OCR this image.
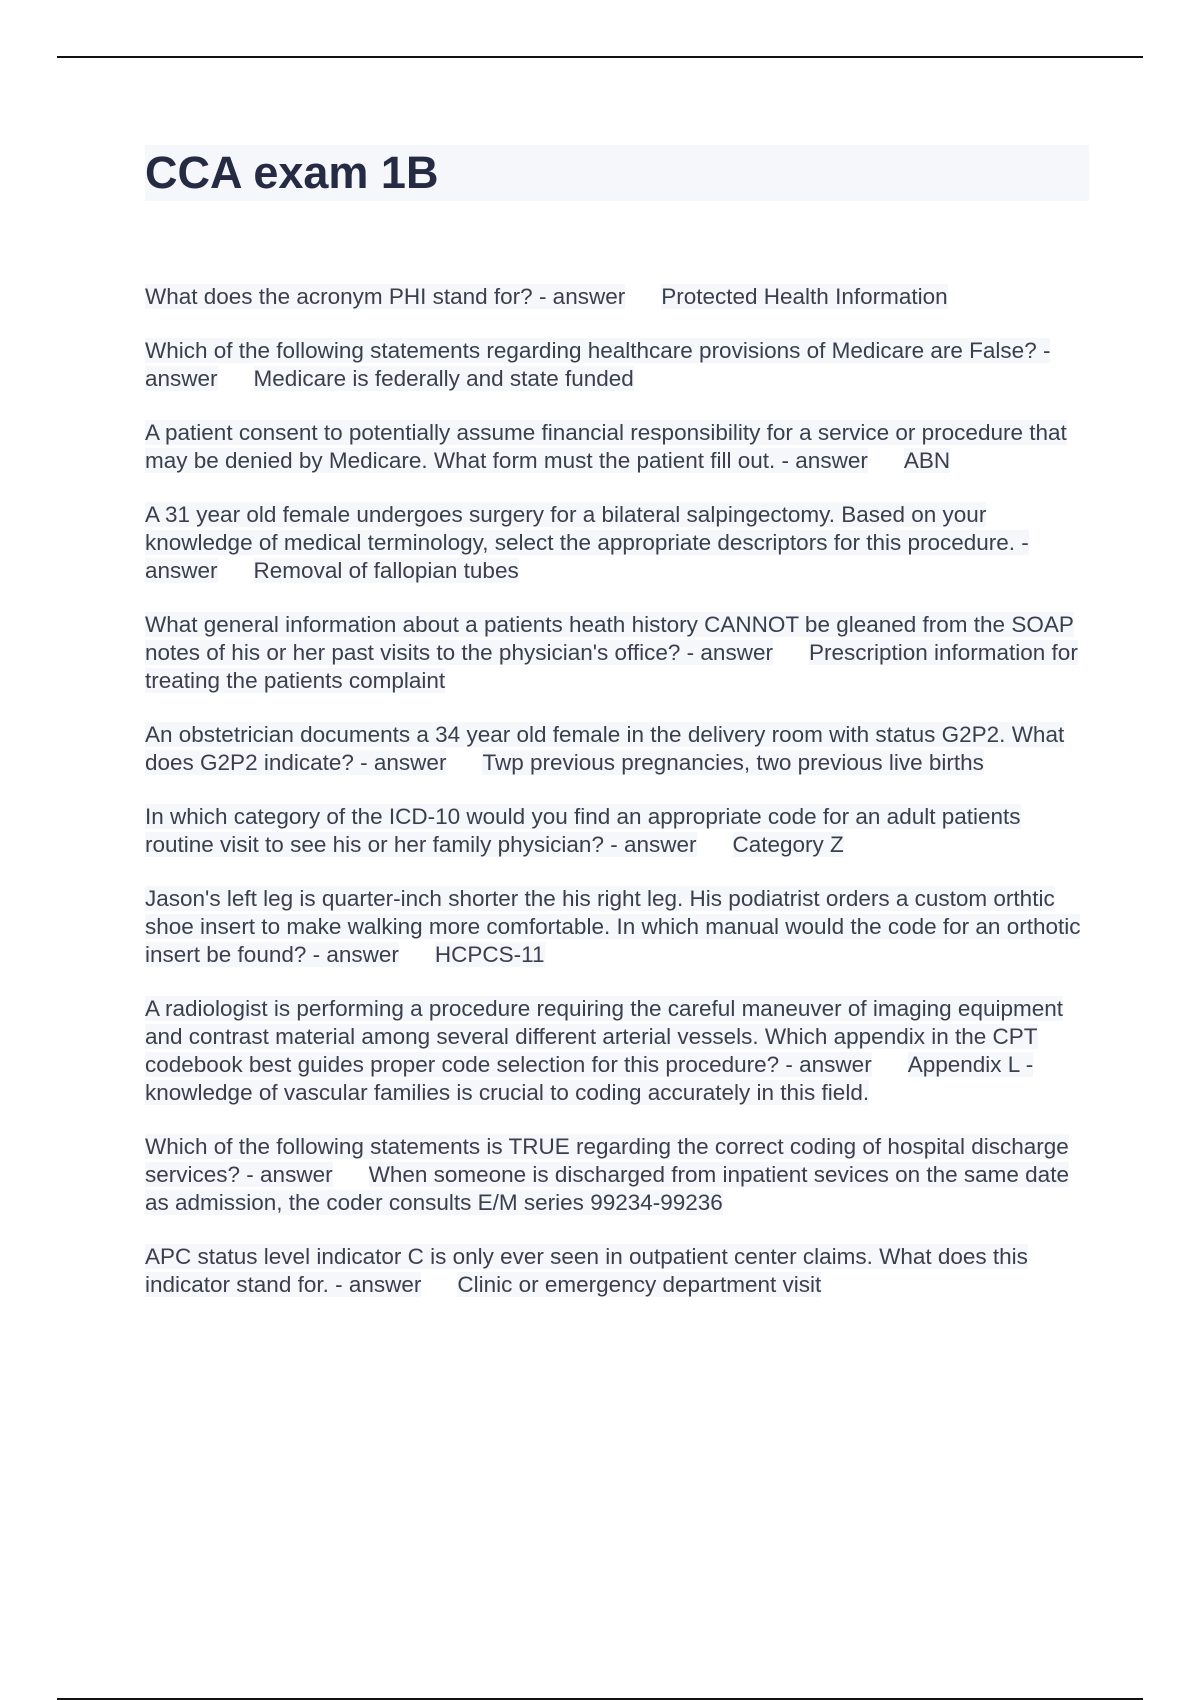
CCA exam 1B

What does the acronym PHI stand for? - answer Protected Health Information

Which of the following statements regarding healthcare provisions of Medicare are False? - answer Medicare is federally and state funded

A patient consent to potentially assume financial responsibility for a service or procedure that may be denied by Medicare. What form must the patient fill out. - answer ABN

A 31 year old female undergoes surgery for a bilateral salpingectomy. Based on your knowledge of medical terminology, select the appropriate descriptors for this procedure. - answer Removal of fallopian tubes

What general information about a patients heath history CANNOT be gleaned from the SOAP notes of his or her past visits to the physician's office? - answer Prescription information for treating the patients complaint

An obstetrician documents a 34 year old female in the delivery room with status G2P2. What does G2P2 indicate? - answer Twp previous pregnancies, two previous live births

In which category of the ICD-10 would you find an appropriate code for an adult patients routine visit to see his or her family physician? - answer Category Z

Jason's left leg is quarter-inch shorter the his right leg. His podiatrist orders a custom orthtic shoe insert to make walking more comfortable. In which manual would the code for an orthotic insert be found? - answer HCPCS-11

A radiologist is performing a procedure requiring the careful maneuver of imaging equipment and contrast material among several different arterial vessels. Which appendix in the CPT codebook best guides proper code selection for this procedure? - answer Appendix L - knowledge of vascular families is crucial to coding accurately in this field.

Which of the following statements is TRUE regarding the correct coding of hospital discharge services? - answer When someone is discharged from inpatient sevices on the same date as admission, the coder consults E/M series 99234-99236

APC status level indicator C is only ever seen in outpatient center claims. What does this indicator stand for. - answer Clinic or emergency department visit
